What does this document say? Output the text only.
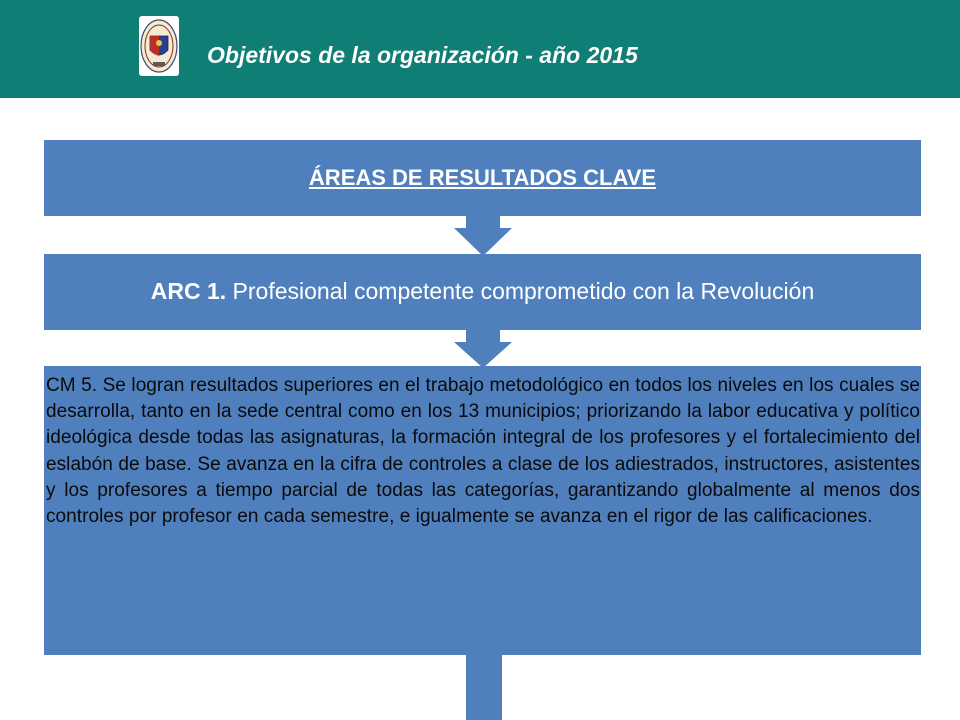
Objetivos de la organización - año 2015
ÁREAS DE RESULTADOS CLAVE
ARC 1. Profesional competente comprometido con la Revolución
CM 5. Se logran resultados superiores en el trabajo metodológico en todos los niveles en los cuales se desarrolla, tanto en la sede central como en los 13 municipios; priorizando la labor educativa y político ideológica desde todas las asignaturas, la formación integral de los profesores y el fortalecimiento del eslabón de base. Se avanza en la cifra de controles a clase de los adiestrados, instructores, asistentes y los profesores a tiempo parcial de todas las categorías, garantizando globalmente al menos dos controles por profesor en cada semestre, e igualmente se avanza en el rigor de las calificaciones.
